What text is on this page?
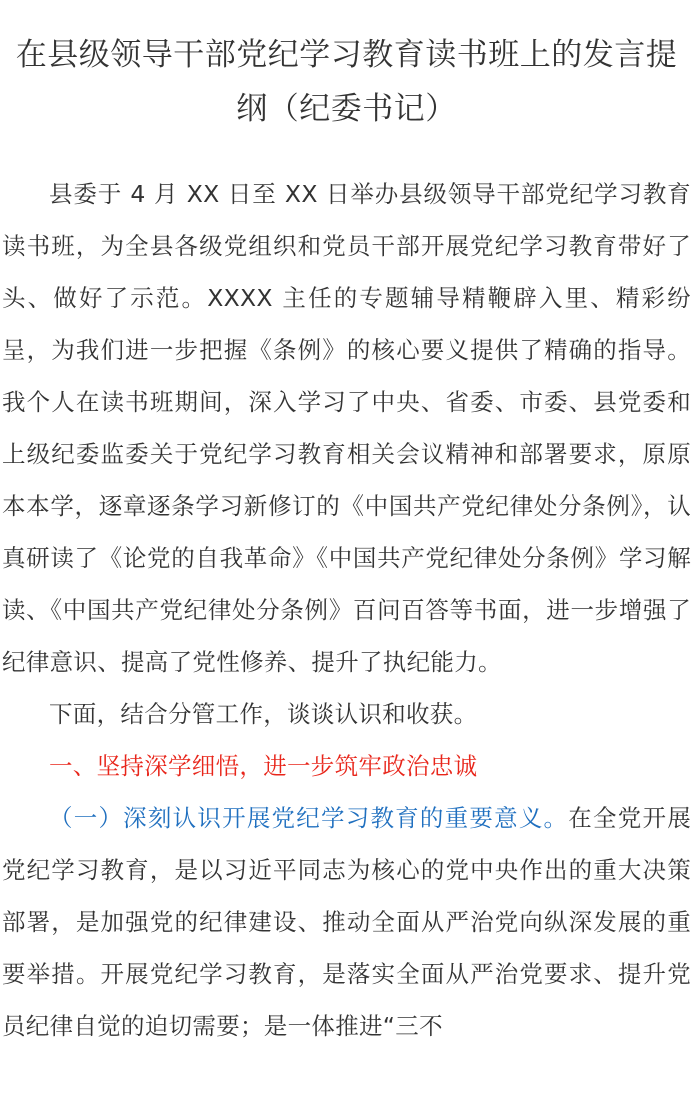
在县级领导干部党纪学习教育读书班上的发言提纲（纪委书记）

县委于 4 月 XX 日至 XX 日举办县级领导干部党纪学习教育读书班，为全县各级党组织和党员干部开展党纪学习教育带好了头、做好了示范。XXXX 主任的专题辅导精鞭辟入里、精彩纷呈，为我们进一步把握《条例》的核心要义提供了精确的指导。我个人在读书班期间，深入学习了中央、省委、市委、县党委和上级纪委监委关于党纪学习教育相关会议精神和部署要求，原原本本学，逐章逐条学习新修订的《中国共产党纪律处分条例》，认真研读了《论党的自我革命》《中国共产党纪律处分条例》学习解读、《中国共产党纪律处分条例》百问百答等书面，进一步增强了纪律意识、提高了党性修养、提升了执纪能力。

下面，结合分管工作，谈谈认识和收获。

一、坚持深学细悟，进一步筑牢政治忠诚

（一）深刻认识开展党纪学习教育的重要意义。在全党开展党纪学习教育，是以习近平同志为核心的党中央作出的重大决策部署，是加强党的纪律建设、推动全面从严治党向纵深发展的重要举措。开展党纪学习教育，是落实全面从严治党要求、提升党员纪律自觉的迫切需要；是一体推进“三不
